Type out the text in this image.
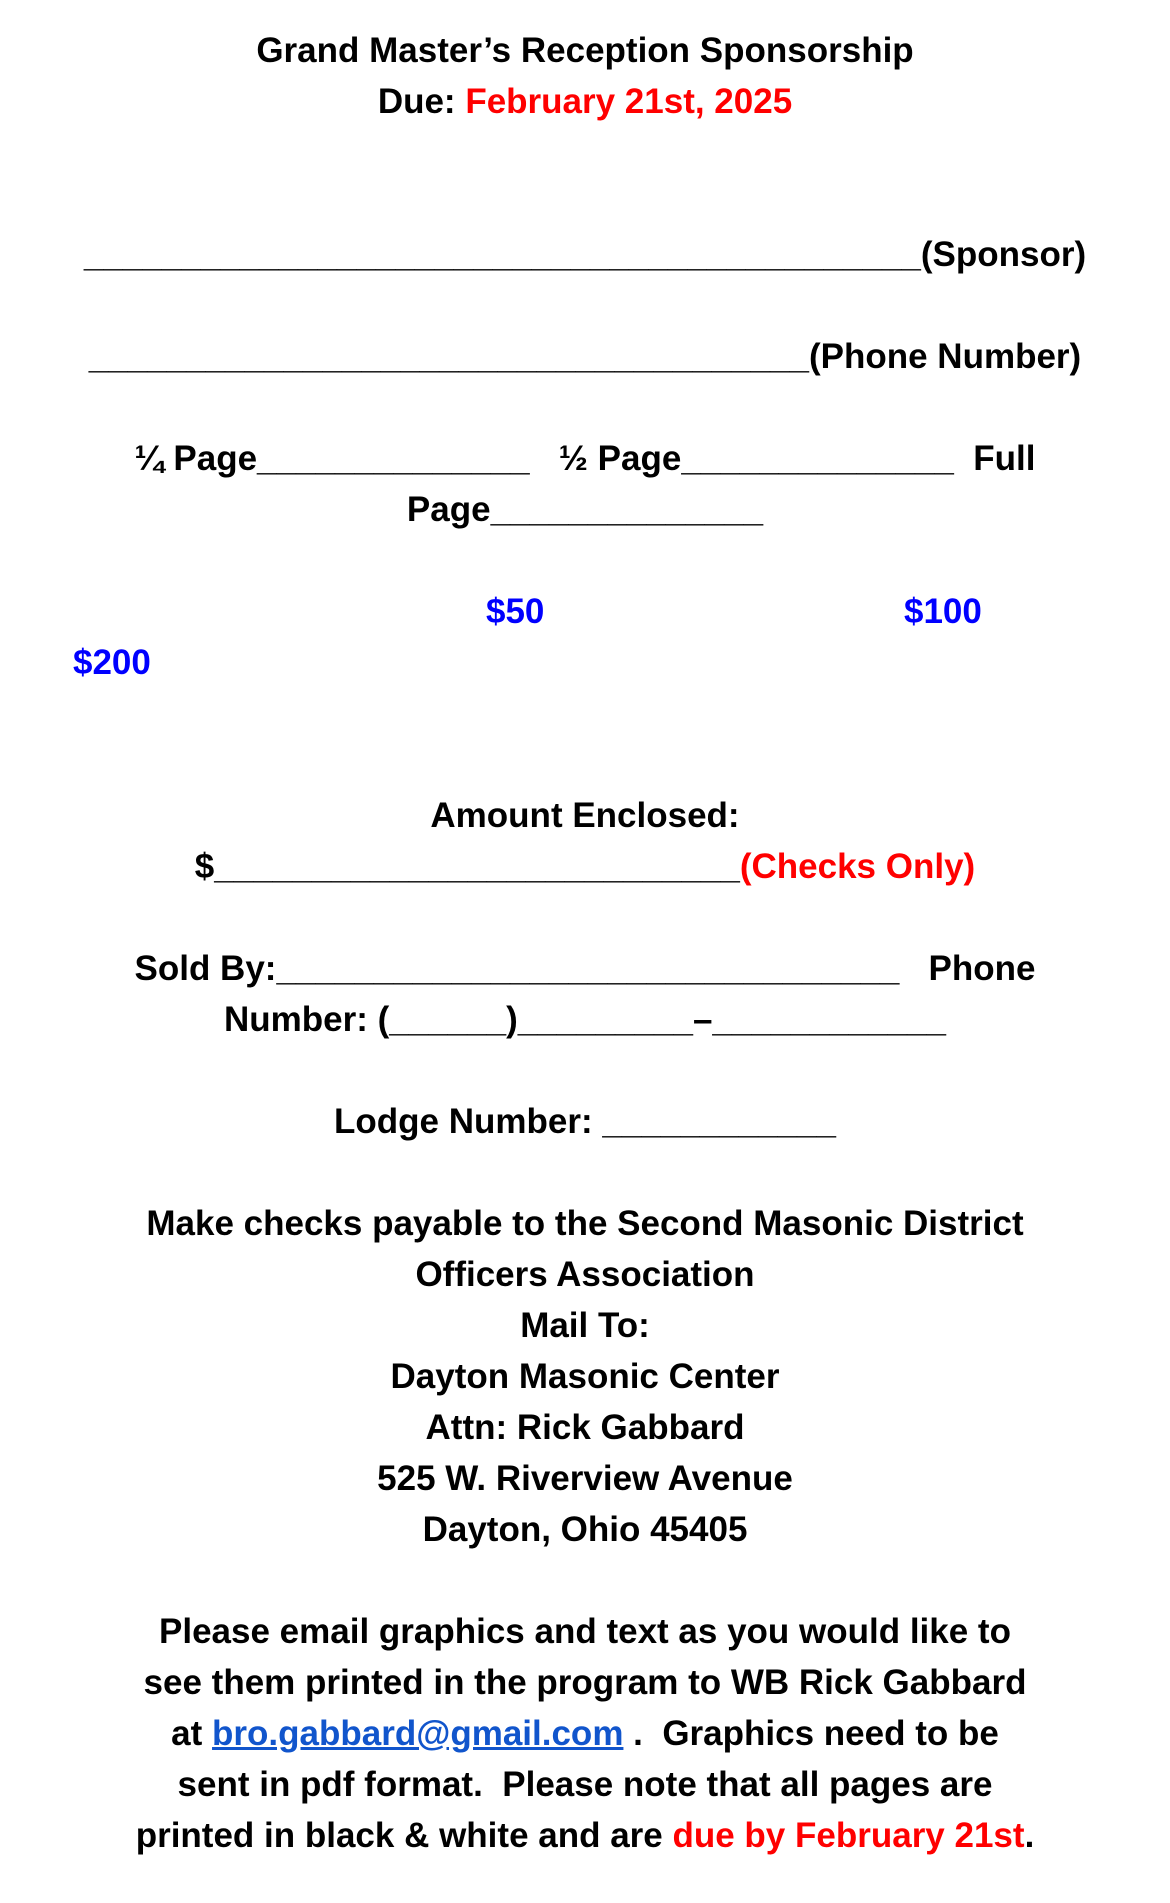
Grand Master’s Reception Sponsorship
Due: February 21st, 2025
___________________________________________(Sponsor)
_____________________________________(Phone Number)
¼ Page______________ ½ Page______________ Full
Page______________
$50	$100
$200
Amount Enclosed:
$___________________________(Checks Only)
Sold By:________________________________ Phone
Number: (______)_________–____________
Lodge Number: ____________
Make checks payable to the Second Masonic District
Officers Association
Mail To:
Dayton Masonic Center
Attn: Rick Gabbard
525 W. Riverview Avenue
Dayton, Ohio 45405
Please email graphics and text as you would like to
see them printed in the program to WB Rick Gabbard
at bro.gabbard@gmail.com .  Graphics need to be
sent in pdf format.  Please note that all pages are
printed in black & white and are due by February 21st.
